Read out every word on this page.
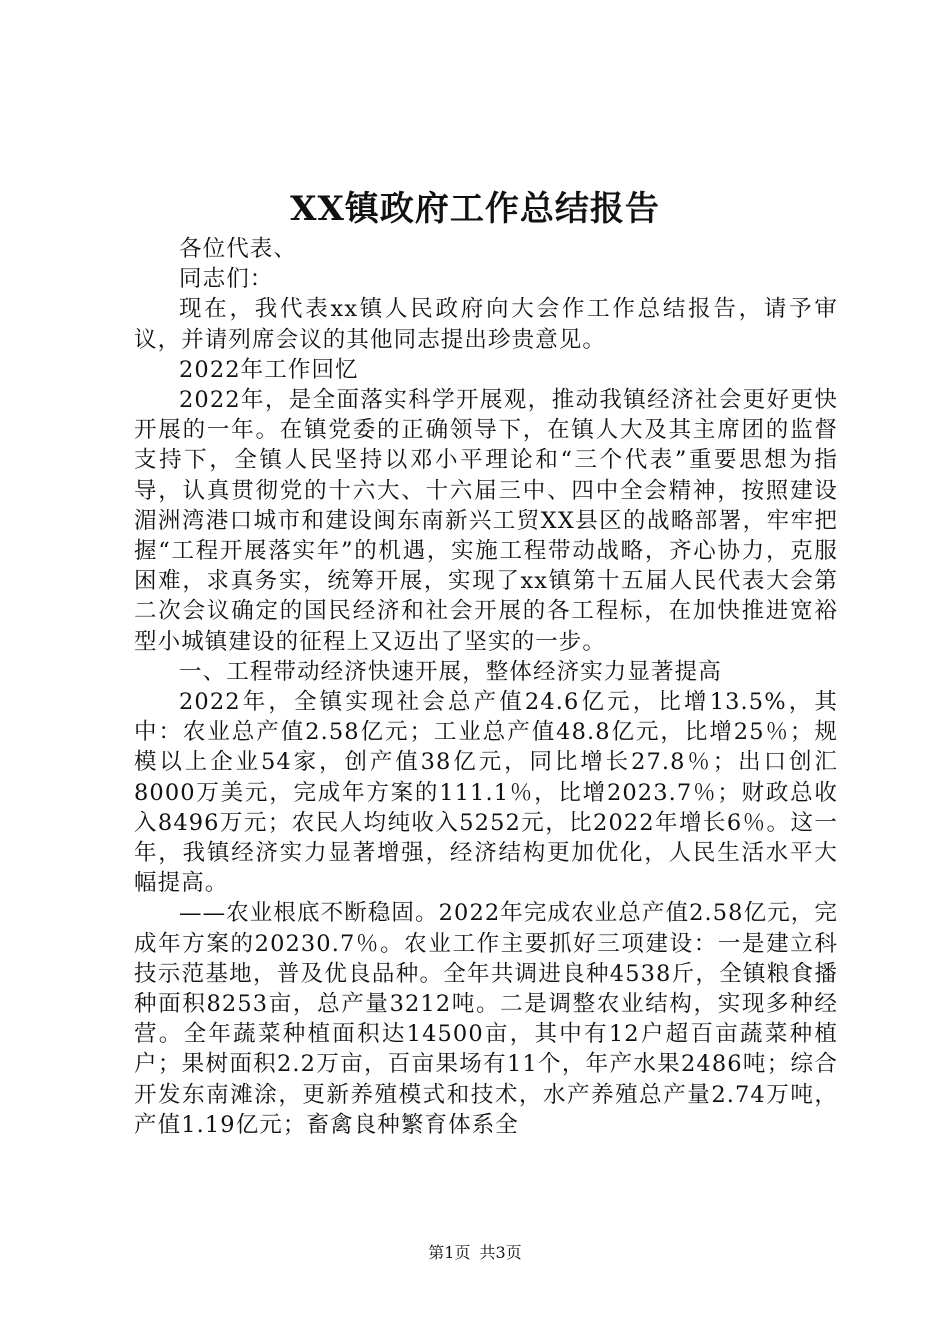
XX镇政府工作总结报告

各位代表、

同志们：

现在，我代表xx镇人民政府向大会作工作总结报告，请予审议，并请列席会议的其他同志提出珍贵意见。

2022年工作回忆

2022年，是全面落实科学开展观，推动我镇经济社会更好更快开展的一年。在镇党委的正确领导下，在镇人大及其主席团的监督支持下，全镇人民坚持以邓小平理论和“三个代表”重要思想为指导，认真贯彻党的十六大、十六届三中、四中全会精神，按照建设湄洲湾港口城市和建设闽东南新兴工贸XX县区的战略部署，牢牢把握“工程开展落实年”的机遇，实施工程带动战略，齐心协力，克服困难，求真务实，统筹开展，实现了xx镇第十五届人民代表大会第二次会议确定的国民经济和社会开展的各工程标，在加快推进宽裕型小城镇建设的征程上又迈出了坚实的一步。

一、工程带动经济快速开展，整体经济实力显著提高

2022年，全镇实现社会总产值24.6亿元，比增13.5%，其中：农业总产值2.58亿元；工业总产值48.8亿元，比增25％；规模以上企业54家，创产值38亿元，同比增长27.8％；出口创汇8000万美元，完成年方案的111.1％，比增2023.7％；财政总收入8496万元；农民人均纯收入5252元，比2022年增长6％。这一年，我镇经济实力显著增强，经济结构更加优化，人民生活水平大幅提高。

——农业根底不断稳固。2022年完成农业总产值2.58亿元，完成年方案的20230.7％。农业工作主要抓好三项建设：一是建立科技示范基地，普及优良品种。全年共调进良种4538斤，全镇粮食播种面积8253亩，总产量3212吨。二是调整农业结构，实现多种经营。全年蔬菜种植面积达14500亩，其中有12户超百亩蔬菜种植户；果树面积2.2万亩，百亩果场有11个，年产水果2486吨；综合开发东南滩涂，更新养殖模式和技术，水产养殖总产量2.74万吨，产值1.19亿元；畜禽良种繁育体系全

第1页 共3页
